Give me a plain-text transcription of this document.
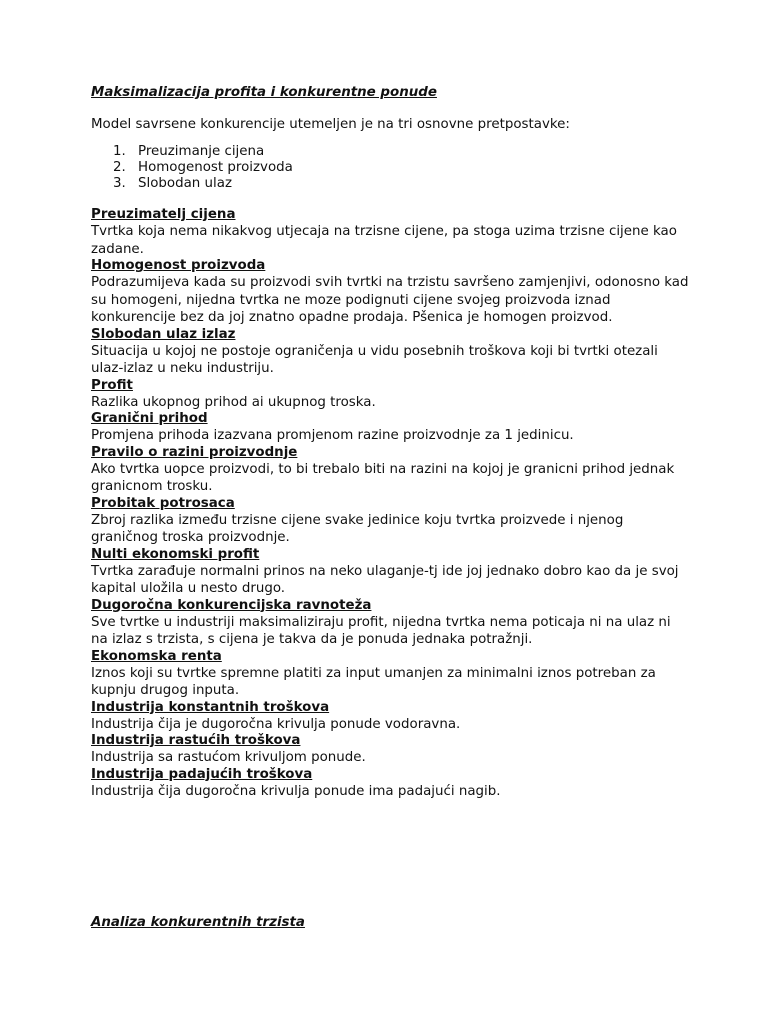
Maksimalizacija profita i konkurentne ponude

Model savrsene konkurencije utemeljen je na tri osnovne pretpostavke:

1. Preuzimanje cijena
2. Homogenost proizvoda
3. Slobodan ulaz
Preuzimatelj cijena
Tvrtka koja nema nikakvog utjecaja na trzisne cijene, pa stoga uzima trzisne cijene kao zadane.
Homogenost proizvoda
Podrazumijeva kada su proizvodi svih tvrtki na trzistu savršeno zamjenjivi, odonosno kad su homogeni, nijedna tvrtka ne moze podignuti cijene svojeg proizvoda iznad konkurencije bez da joj znatno opadne prodaja. Pšenica je homogen proizvod.
Slobodan ulaz izlaz
Situacija u kojoj ne postoje ograničenja u vidu posebnih troškova koji bi tvrtki otezali ulaz-izlaz u neku industriju.
Profit
Razlika ukopnog prihod ai ukupnog troska.
Granični prihod
Promjena prihoda izazvana promjenom razine proizvodnje za 1 jedinicu.
Pravilo o razini proizvodnje
Ako tvrtka uopce proizvodi, to bi trebalo biti na razini na kojoj je granicni prihod jednak granicnom trosku.
Probitak potrosaca
Zbroj razlika između trzisne cijene svake jedinice koju tvrtka proizvede i njenog graničnog troska proizvodnje.
Nulti ekonomski profit
Tvrtka zarađuje normalni prinos na neko ulaganje-tj ide joj jednako dobro kao da je svoj kapital uložila u nesto drugo.
Dugoročna konkurencijska ravnoteža
Sve tvrtke u industriji maksimaliziraju profit, nijedna tvrtka nema poticaja ni na ulaz ni na izlaz s trzista, s cijena je takva da je ponuda jednaka potražnji.
Ekonomska renta
Iznos koji su tvrtke spremne platiti za input umanjen za minimalni iznos potreban za kupnju drugog inputa.
Industrija konstantnih troškova
Industrija čija je dugoročna krivulja ponude vodoravna.
Industrija rastućih troškova
Industrija sa rastućom krivuljom ponude.
Industrija padajućih troškova
Industrija čija dugoročna krivulja ponude ima padajući nagib.

Analiza konkurentnih trzista
